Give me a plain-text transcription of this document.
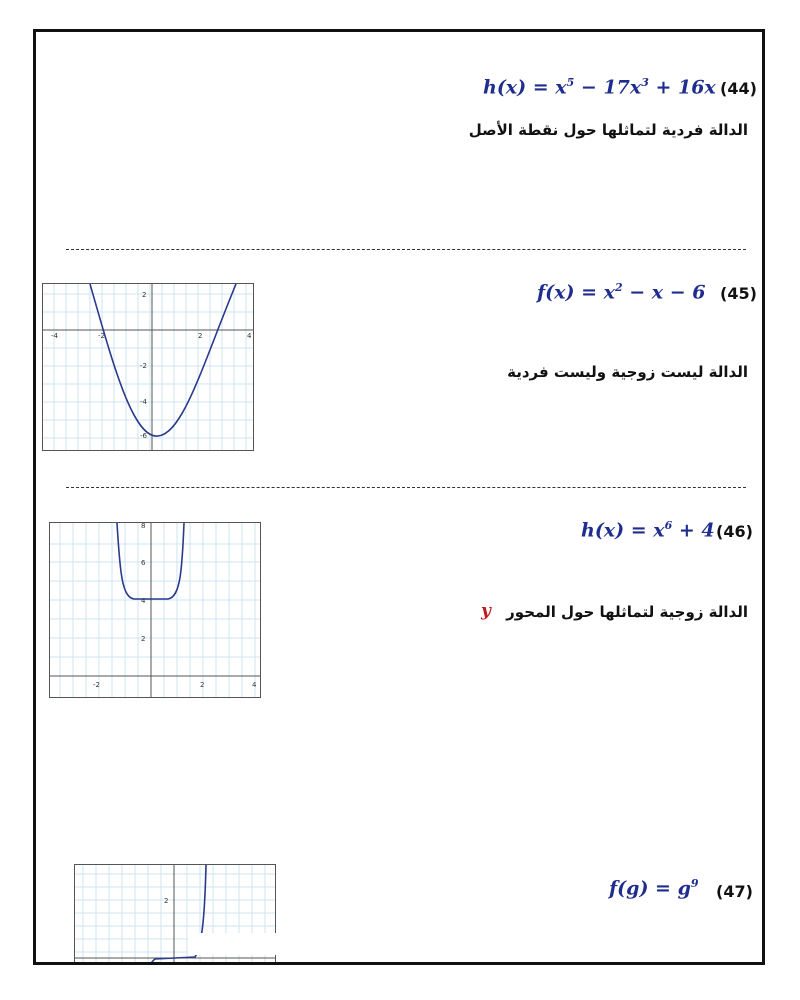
(44)
$h(x) = x^5 - 17x^3 + 16x$
الدالة فردية لتماثلها حول نقطة الأصل
(45)
$f(x) = x^2 - x - 6$
الدالة ليست زوجية وليست فردية
-4	-2	2	4
2
-2
-4
-6
(46)
$h(x) = x^6 + 4$
الدالة زوجية لتماثلها حول المحور
y
-2	2	4
8
6
4
2
(47)
$f(g) = g^9$
-2	2
2
